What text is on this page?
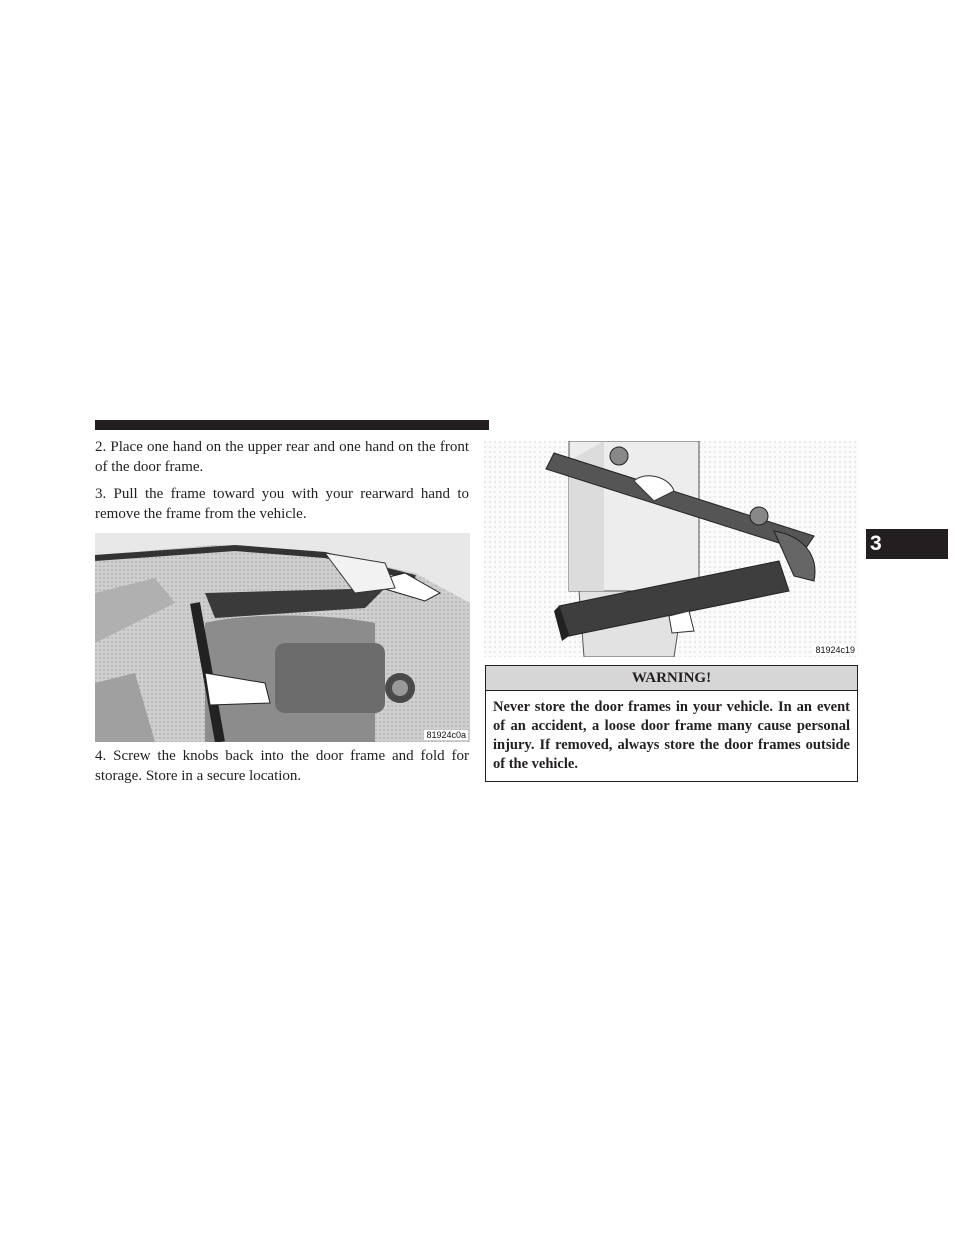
2. Place one hand on the upper rear and one hand on the front of the door frame.

3. Pull the frame toward you with your rearward hand to remove the frame from the vehicle.

81924c0a

4. Screw the knobs back into the door frame and fold for storage. Store in a secure location.

81924c19
WARNING!

Never store the door frames in your vehicle. In an event of an accident, a loose door frame many cause personal injury. If removed, always store the door frames outside of the vehicle.

3
